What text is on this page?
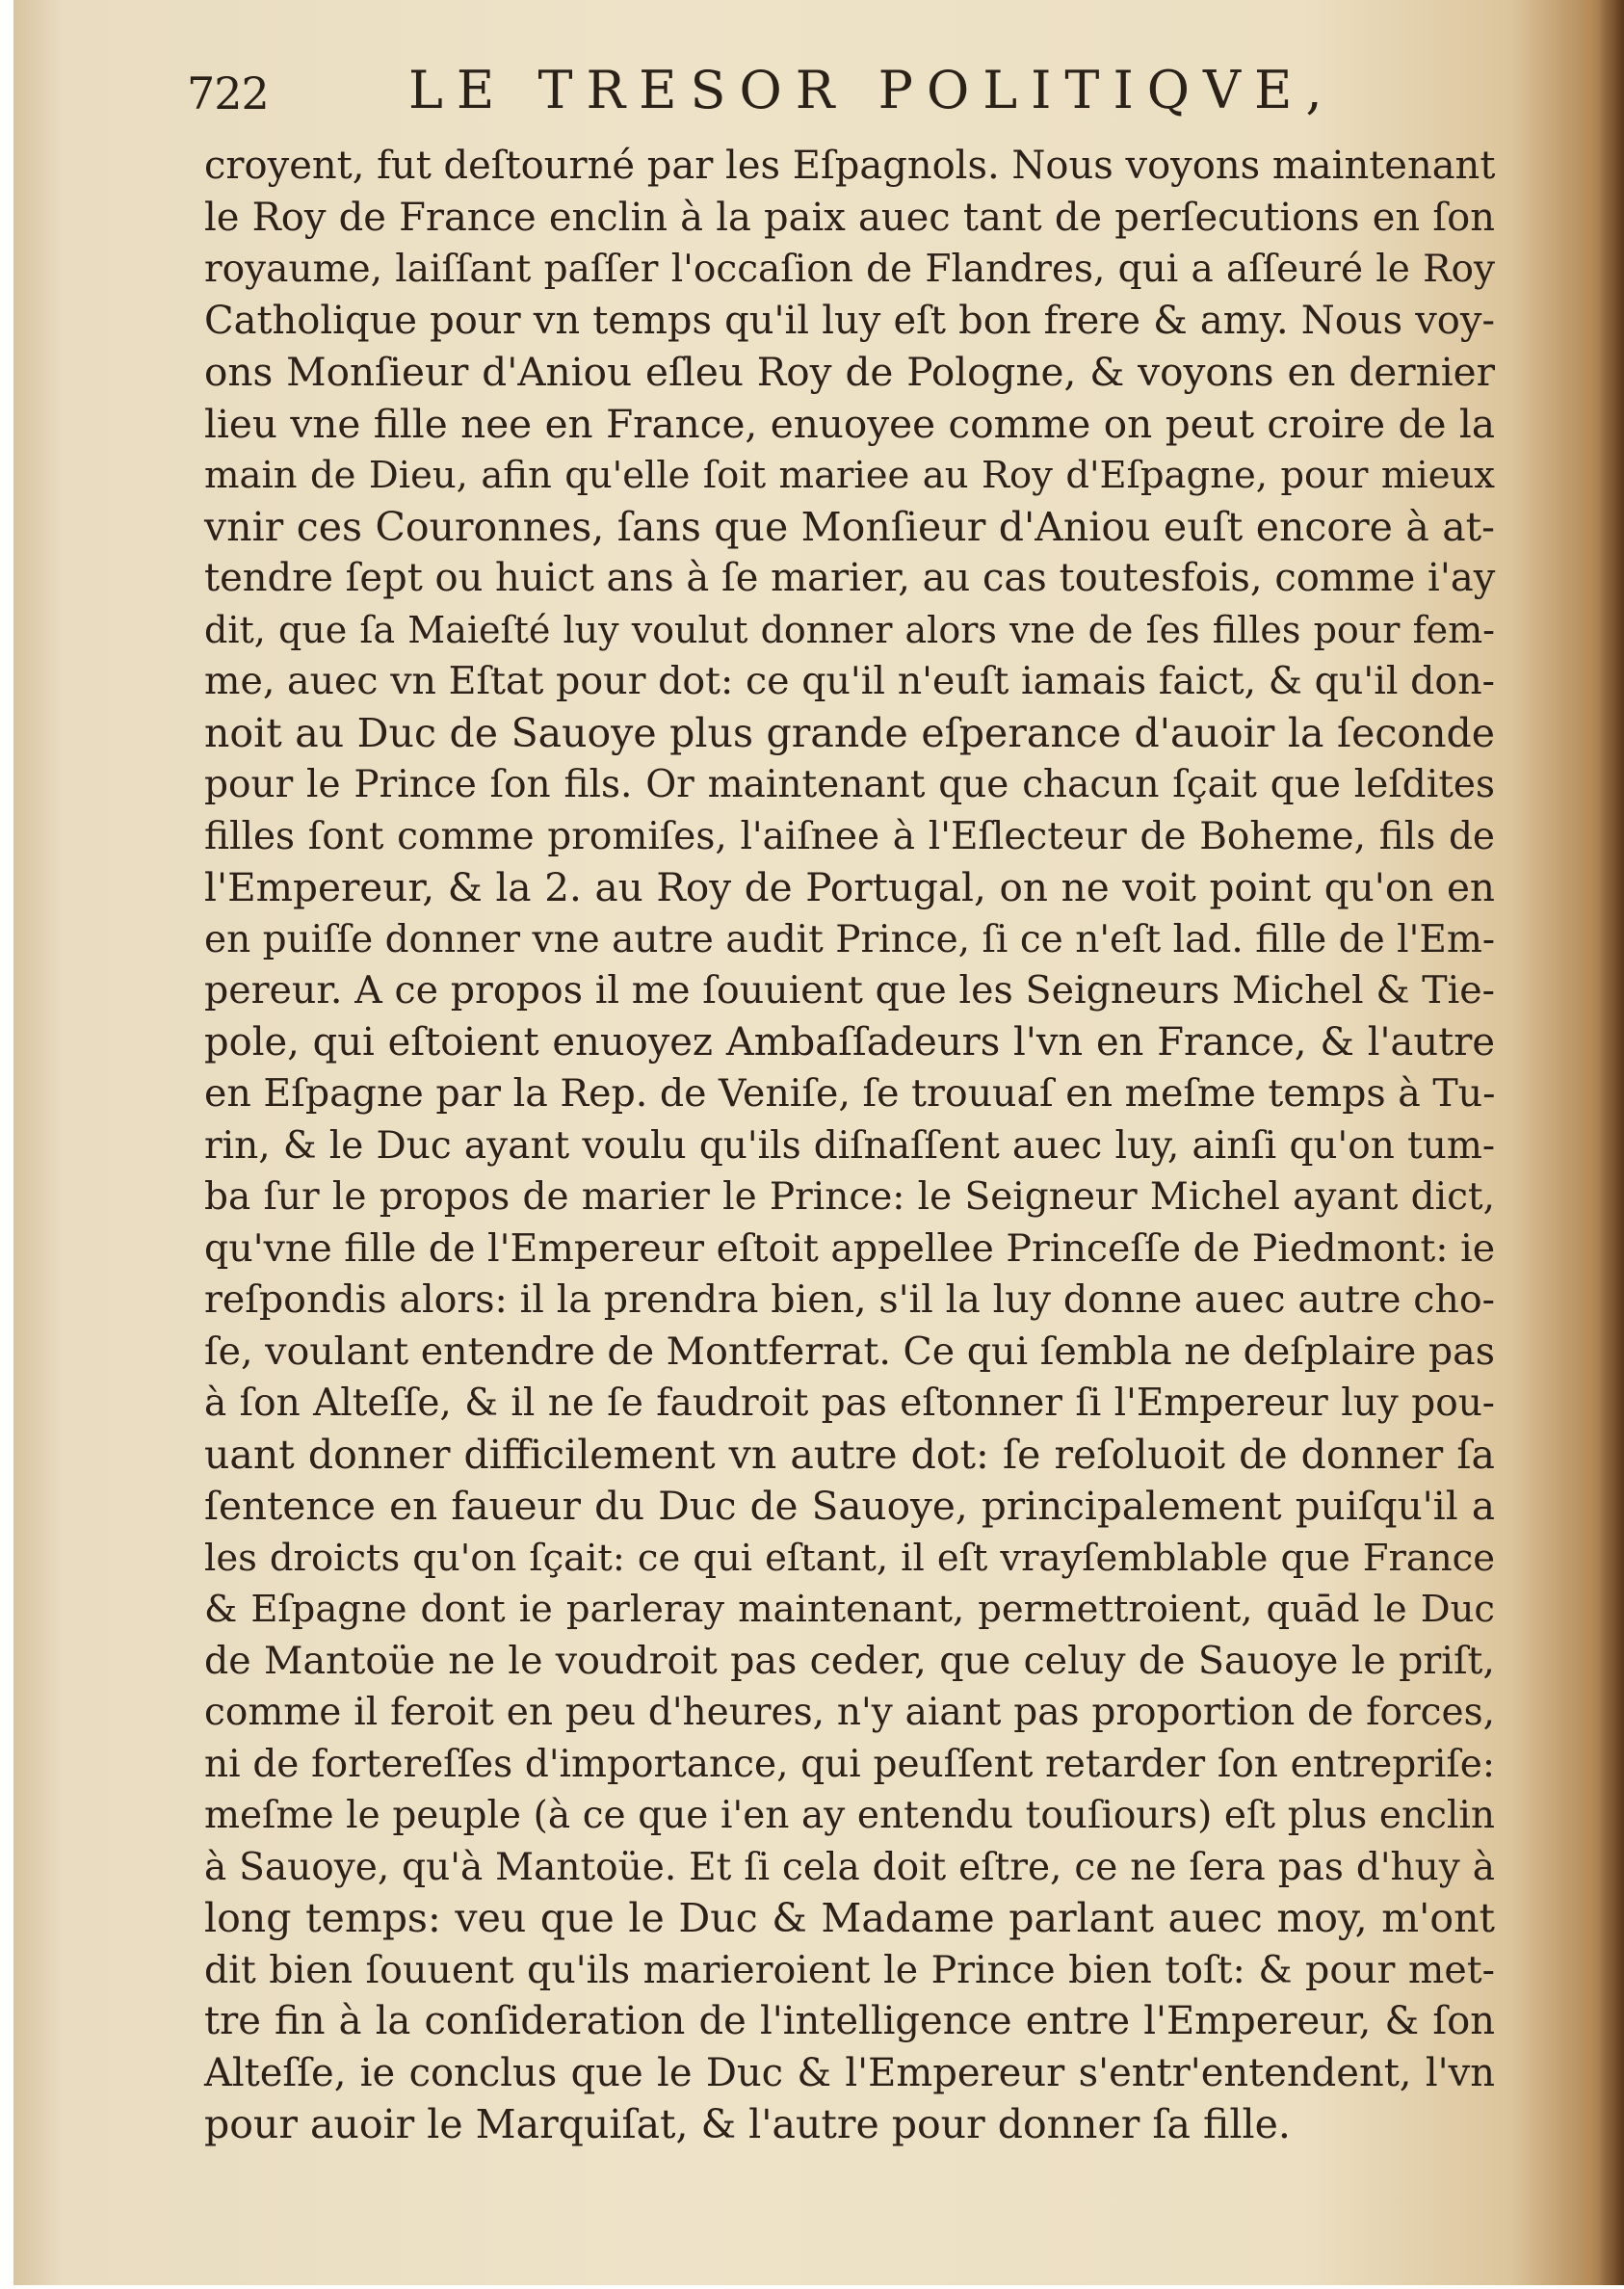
722	LE TRESOR POLITIQVE,
croyent, fut deſtourné par les Eſpagnols. Nous voyons maintenant
le Roy de France enclin à la paix auec tant de perſecutions en ſon
royaume, laiſſant paſſer l'occaſion de Flandres, qui a aſſeuré le Roy
Catholique pour vn temps qu'il luy eſt bon frere & amy. Nous voy-
ons Monſieur d'Aniou eſleu Roy de Pologne, & voyons en dernier
lieu vne fille nee en France, enuoyee comme on peut croire de la
main de Dieu, afin qu'elle ſoit mariee au Roy d'Eſpagne, pour mieux
vnir ces Couronnes, ſans que Monſieur d'Aniou euſt encore à at-
tendre ſept ou huict ans à ſe marier, au cas toutesfois, comme i'ay
dit, que ſa Maieſté luy voulut donner alors vne de ſes filles pour fem-
me, auec vn Eſtat pour dot: ce qu'il n'euſt iamais faict, & qu'il don-
noit au Duc de Sauoye plus grande eſperance d'auoir la ſeconde
pour le Prince ſon fils. Or maintenant que chacun ſçait que leſdites
filles ſont comme promiſes, l'aiſnee à l'Eſlecteur de Boheme, fils de
l'Empereur, & la 2. au Roy de Portugal, on ne voit point qu'on en
en puiſſe donner vne autre audit Prince, ſi ce n'eſt lad. fille de l'Em-
pereur. A ce propos il me ſouuient que les Seigneurs Michel & Tie-
pole, qui eſtoient enuoyez Ambaſſadeurs l'vn en France, & l'autre
en Eſpagne par la Rep. de Veniſe, ſe trouuaſ en meſme temps à Tu-
rin, & le Duc ayant voulu qu'ils diſnaſſent auec luy, ainſi qu'on tum-
ba ſur le propos de marier le Prince: le Seigneur Michel ayant dict,
qu'vne fille de l'Empereur eſtoit appellee Princeſſe de Piedmont: ie
reſpondis alors: il la prendra bien, s'il la luy donne auec autre cho-
ſe, voulant entendre de Montferrat. Ce qui ſembla ne deſplaire pas
à ſon Alteſſe, & il ne ſe faudroit pas eſtonner ſi l'Empereur luy pou-
uant donner difficilement vn autre dot: ſe reſoluoit de donner ſa
ſentence en faueur du Duc de Sauoye, principalement puiſqu'il a
les droicts qu'on ſçait: ce qui eſtant, il eſt vrayſemblable que France
& Eſpagne dont ie parleray maintenant, permettroient, quād le Duc
de Mantoüe ne le voudroit pas ceder, que celuy de Sauoye le priſt,
comme il feroit en peu d'heures, n'y aiant pas proportion de forces,
ni de fortereſſes d'importance, qui peuſſent retarder ſon entrepriſe:
meſme le peuple (à ce que i'en ay entendu touſiours) eſt plus enclin
à Sauoye, qu'à Mantoüe. Et ſi cela doit eſtre, ce ne ſera pas d'huy à
long temps: veu que le Duc & Madame parlant auec moy, m'ont
dit bien ſouuent qu'ils marieroient le Prince bien toſt: & pour met-
tre fin à la conſideration de l'intelligence entre l'Empereur, & ſon
Alteſſe, ie conclus que le Duc & l'Empereur s'entr'entendent, l'vn
pour auoir le Marquiſat, & l'autre pour donner ſa fille.
